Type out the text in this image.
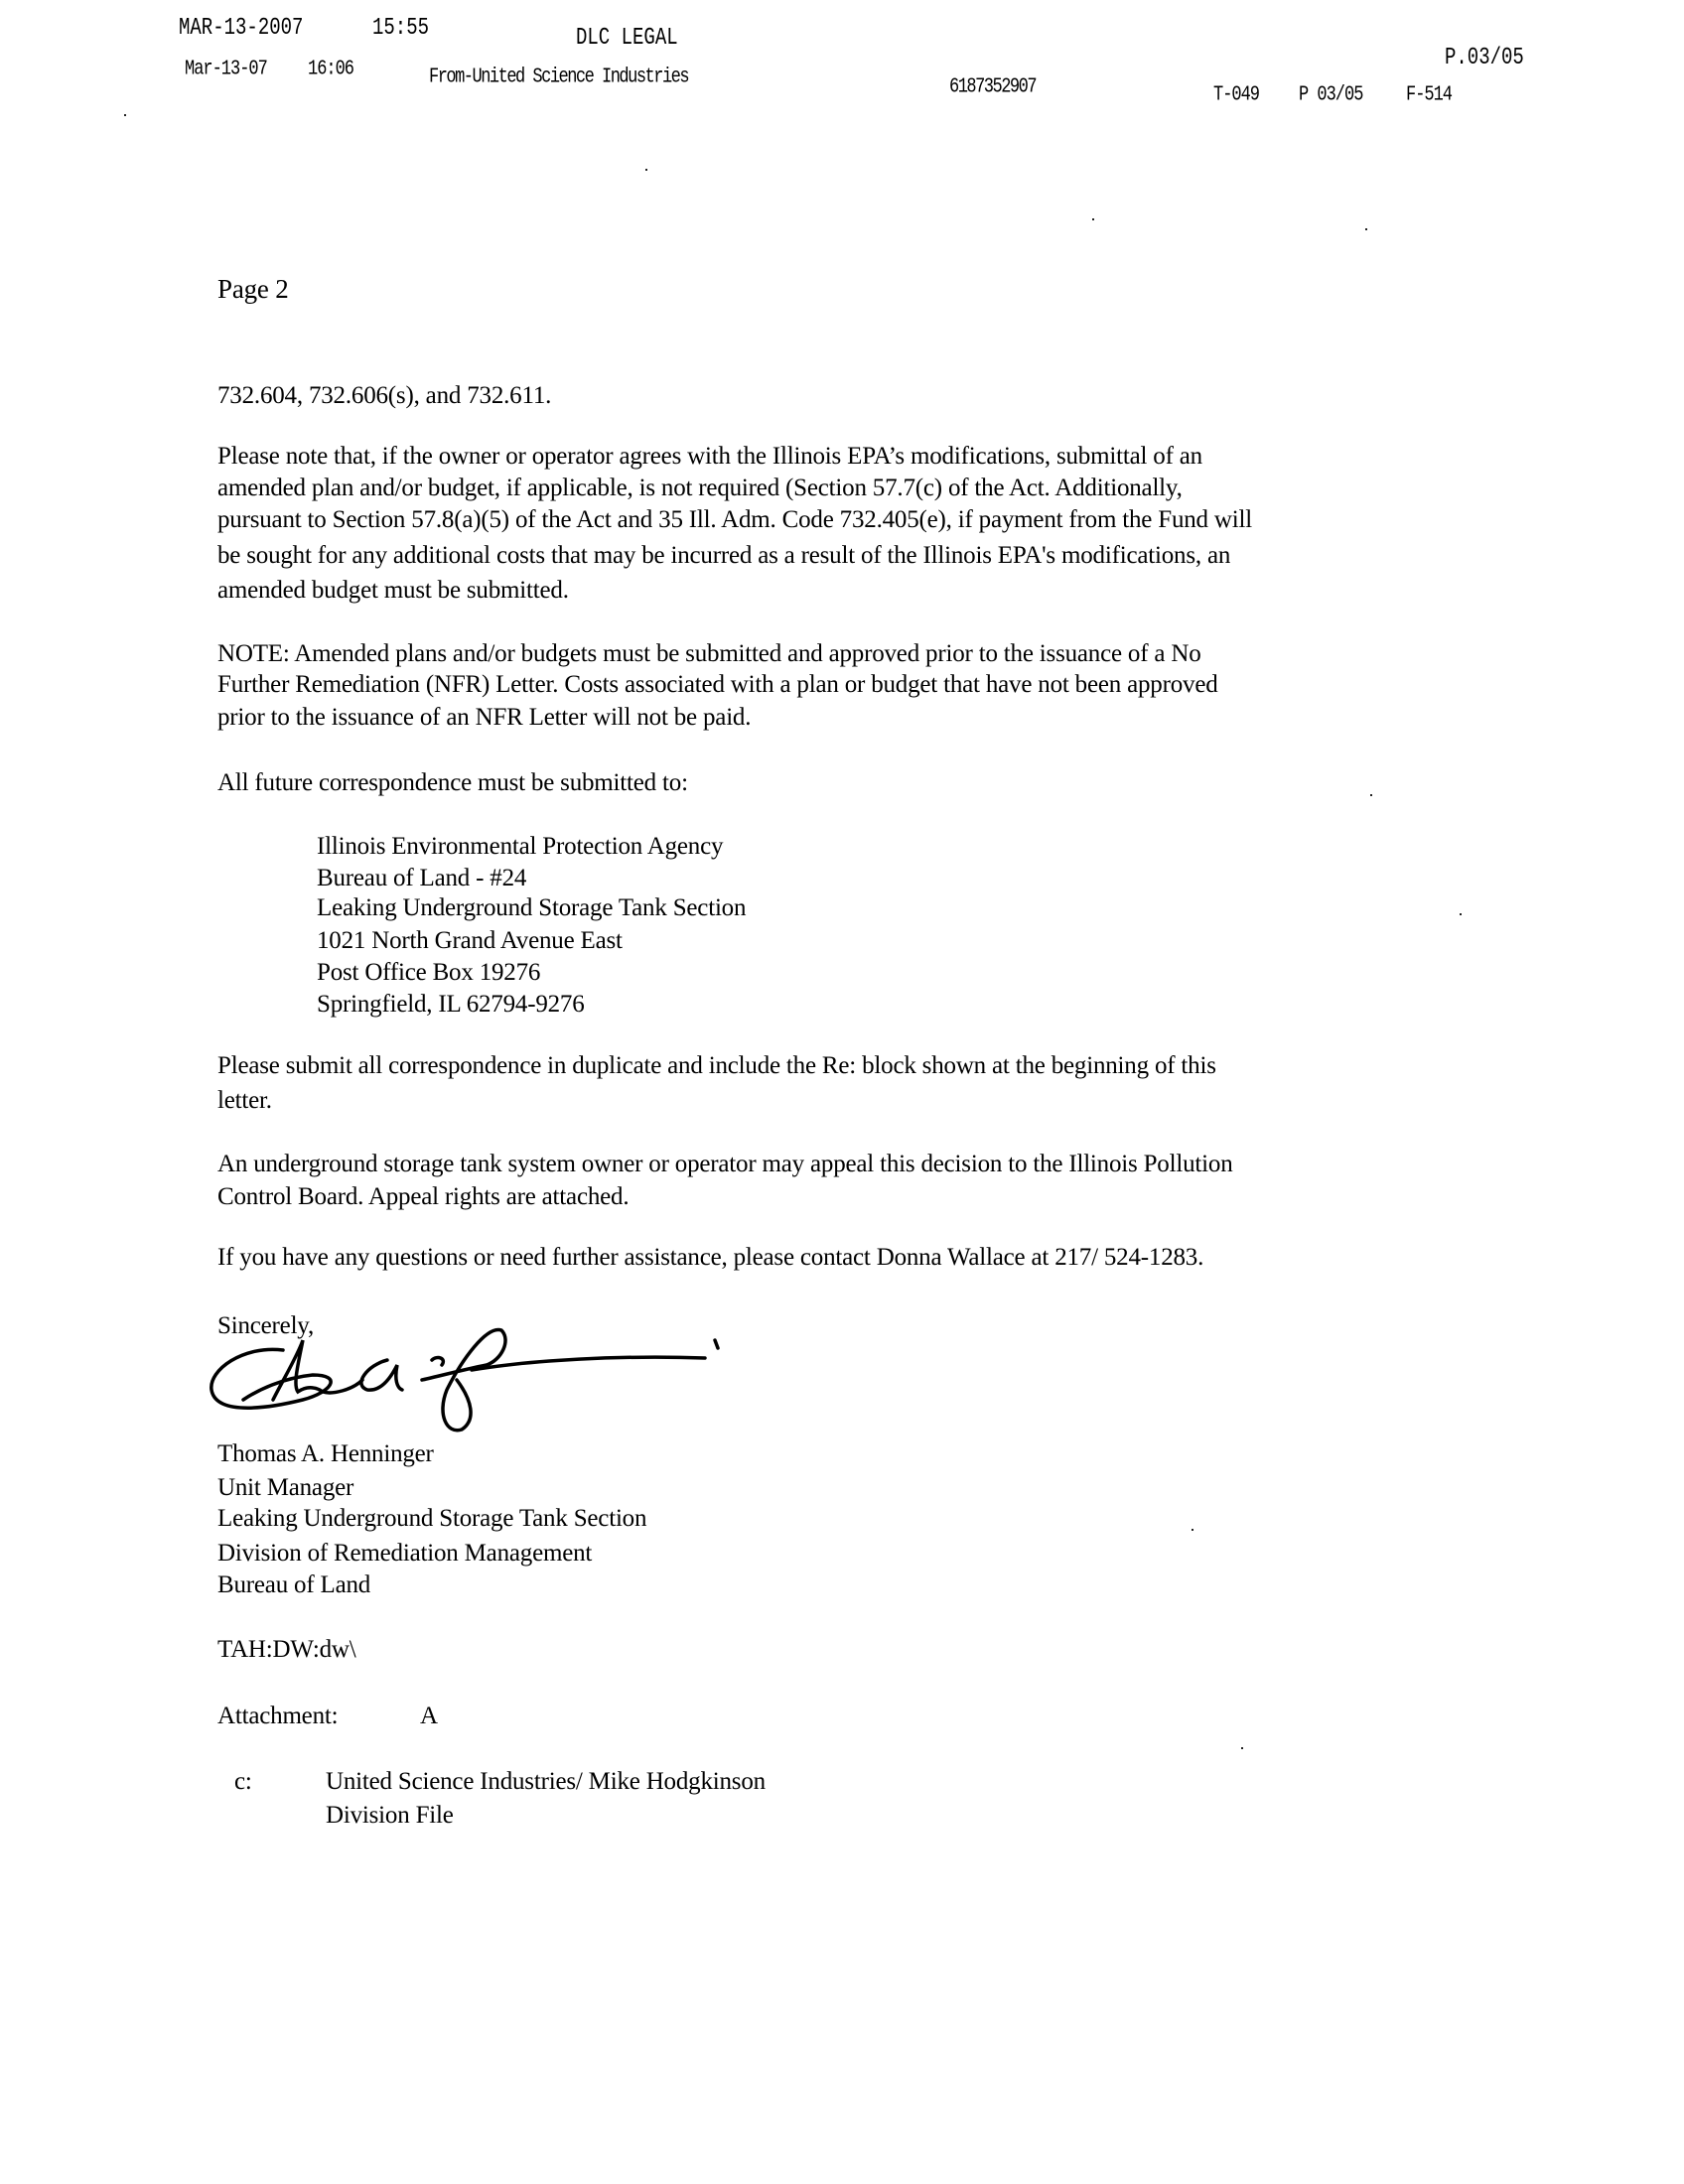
MAR-13-2007	15:55	DLC LEGAL
P.03/05
Mar-13-07 16:06	From-United Science Industries	6187352907	T-049 P 03/05	F-514
Page 2
732.604, 732.606(s), and 732.611.
Please note that, if the owner or operator agrees with the Illinois EPA’s modifications, submittal of an
amended plan and/or budget, if applicable, is not required (Section 57.7(c) of the Act. Additionally,
pursuant to Section 57.8(a)(5) of the Act and 35 Ill. Adm. Code 732.405(e), if payment from the Fund will
be sought for any additional costs that may be incurred as a result of the Illinois EPA's modifications, an
amended budget must be submitted.
NOTE: Amended plans and/or budgets must be submitted and approved prior to the issuance of a No
Further Remediation (NFR) Letter. Costs associated with a plan or budget that have not been approved
prior to the issuance of an NFR Letter will not be paid.
All future correspondence must be submitted to:
Illinois Environmental Protection Agency
Bureau of Land - #24
Leaking Underground Storage Tank Section
1021 North Grand Avenue East
Post Office Box 19276
Springfield, IL 62794-9276
Please submit all correspondence in duplicate and include the Re: block shown at the beginning of this
letter.
An underground storage tank system owner or operator may appeal this decision to the Illinois Pollution
Control Board. Appeal rights are attached.
If you have any questions or need further assistance, please contact Donna Wallace at 217/ 524-1283.
Sincerely,
Thomas A. Henninger
Unit Manager
Leaking Underground Storage Tank Section
Division of Remediation Management
Bureau of Land
TAH:DW:dw\
Attachment:	A
c:	United Science Industries/ Mike Hodgkinson
Division File
